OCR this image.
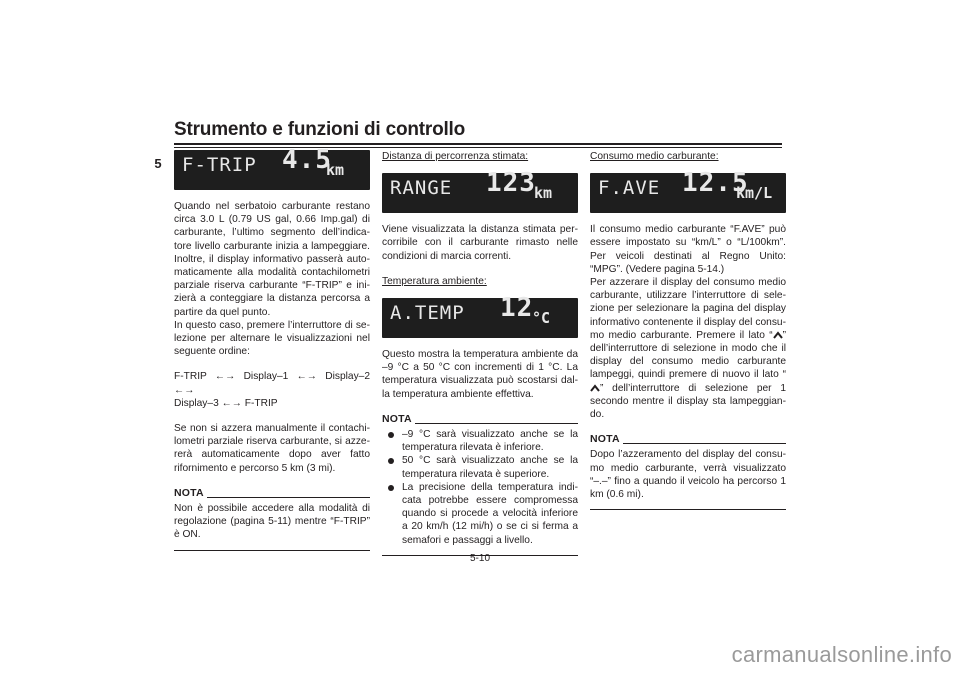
Strumento e funzioni di controllo
5 F-TRIP 4.5
km

Quando nel serbatoio carburante restano circa 3.0 L (0.79 US gal, 0.66 Imp.gal) di carburante, l’ultimo segmento dell’indica-tore livello carburante inizia a lampeggiare. Inoltre, il display informativo passerà auto-maticamente alla modalità contachilometri parziale riserva carburante “F-TRIP” e ini-zierà a conteggiare la distanza percorsa a partire da quel punto.

In questo caso, premere l’interruttore di se-lezione per alternare le visualizzazioni nel seguente ordine:

F-TRIP ←→ Display–1 ←→ Display–2 ←→

Display–3 ←→ F-TRIP

Se non si azzera manualmente il contachi-lometri parziale riserva carburante, si azze-rerà automaticamente dopo aver fatto rifornimento e percorso 5 km (3 mi).

NOTA

Non è possibile accedere alla modalità di regolazione (pagina 5-11) mentre “F-TRIP” è ON.

Distanza di percorrenza stimata:
RANGE 123
km

Viene visualizzata la distanza stimata per-corribile con il carburante rimasto nelle condizioni di marcia correnti.

Temperatura ambiente:
A.TEMP 12
°C

Questo mostra la temperatura ambiente da –9 °C a 50 °C con incrementi di 1 °C. La temperatura visualizzata può scostarsi dal-la temperatura ambiente effettiva.

NOTA
–9 °C sarà visualizzato anche se la temperatura rilevata è inferiore.
50 °C sarà visualizzato anche se la temperatura rilevata è superiore.
La precisione della temperatura indi-cata potrebbe essere compromessa quando si procede a velocità inferiore a 20 km/h (12 mi/h) o se ci si ferma a semafori e passaggi a livello.
Consumo medio carburante:
F.AVE 12.5
km/L

Il consumo medio carburante “F.AVE” può essere impostato su “km/L” o “L/100km”. Per veicoli destinati al Regno Unito: “MPG”. (Vedere pagina 5-14.)

Per azzerare il display del consumo medio carburante, utilizzare l’interruttore di sele-zione per selezionare la pagina del display informativo contenente il display del consu-mo medio carburante. Premere il lato “ ” dell’interruttore di selezione in modo che il display del consumo medio carburante lampeggi, quindi premere di nuovo il lato “” dell’interruttore di selezione per 1 secondo mentre il display sta lampeggian-do.

NOTA

Dopo l’azzeramento del display del consu-mo medio carburante, verrà visualizzato “–.–” fino a quando il veicolo ha percorso 1 km (0.6 mi).

5-10
carmanualsonline.info
